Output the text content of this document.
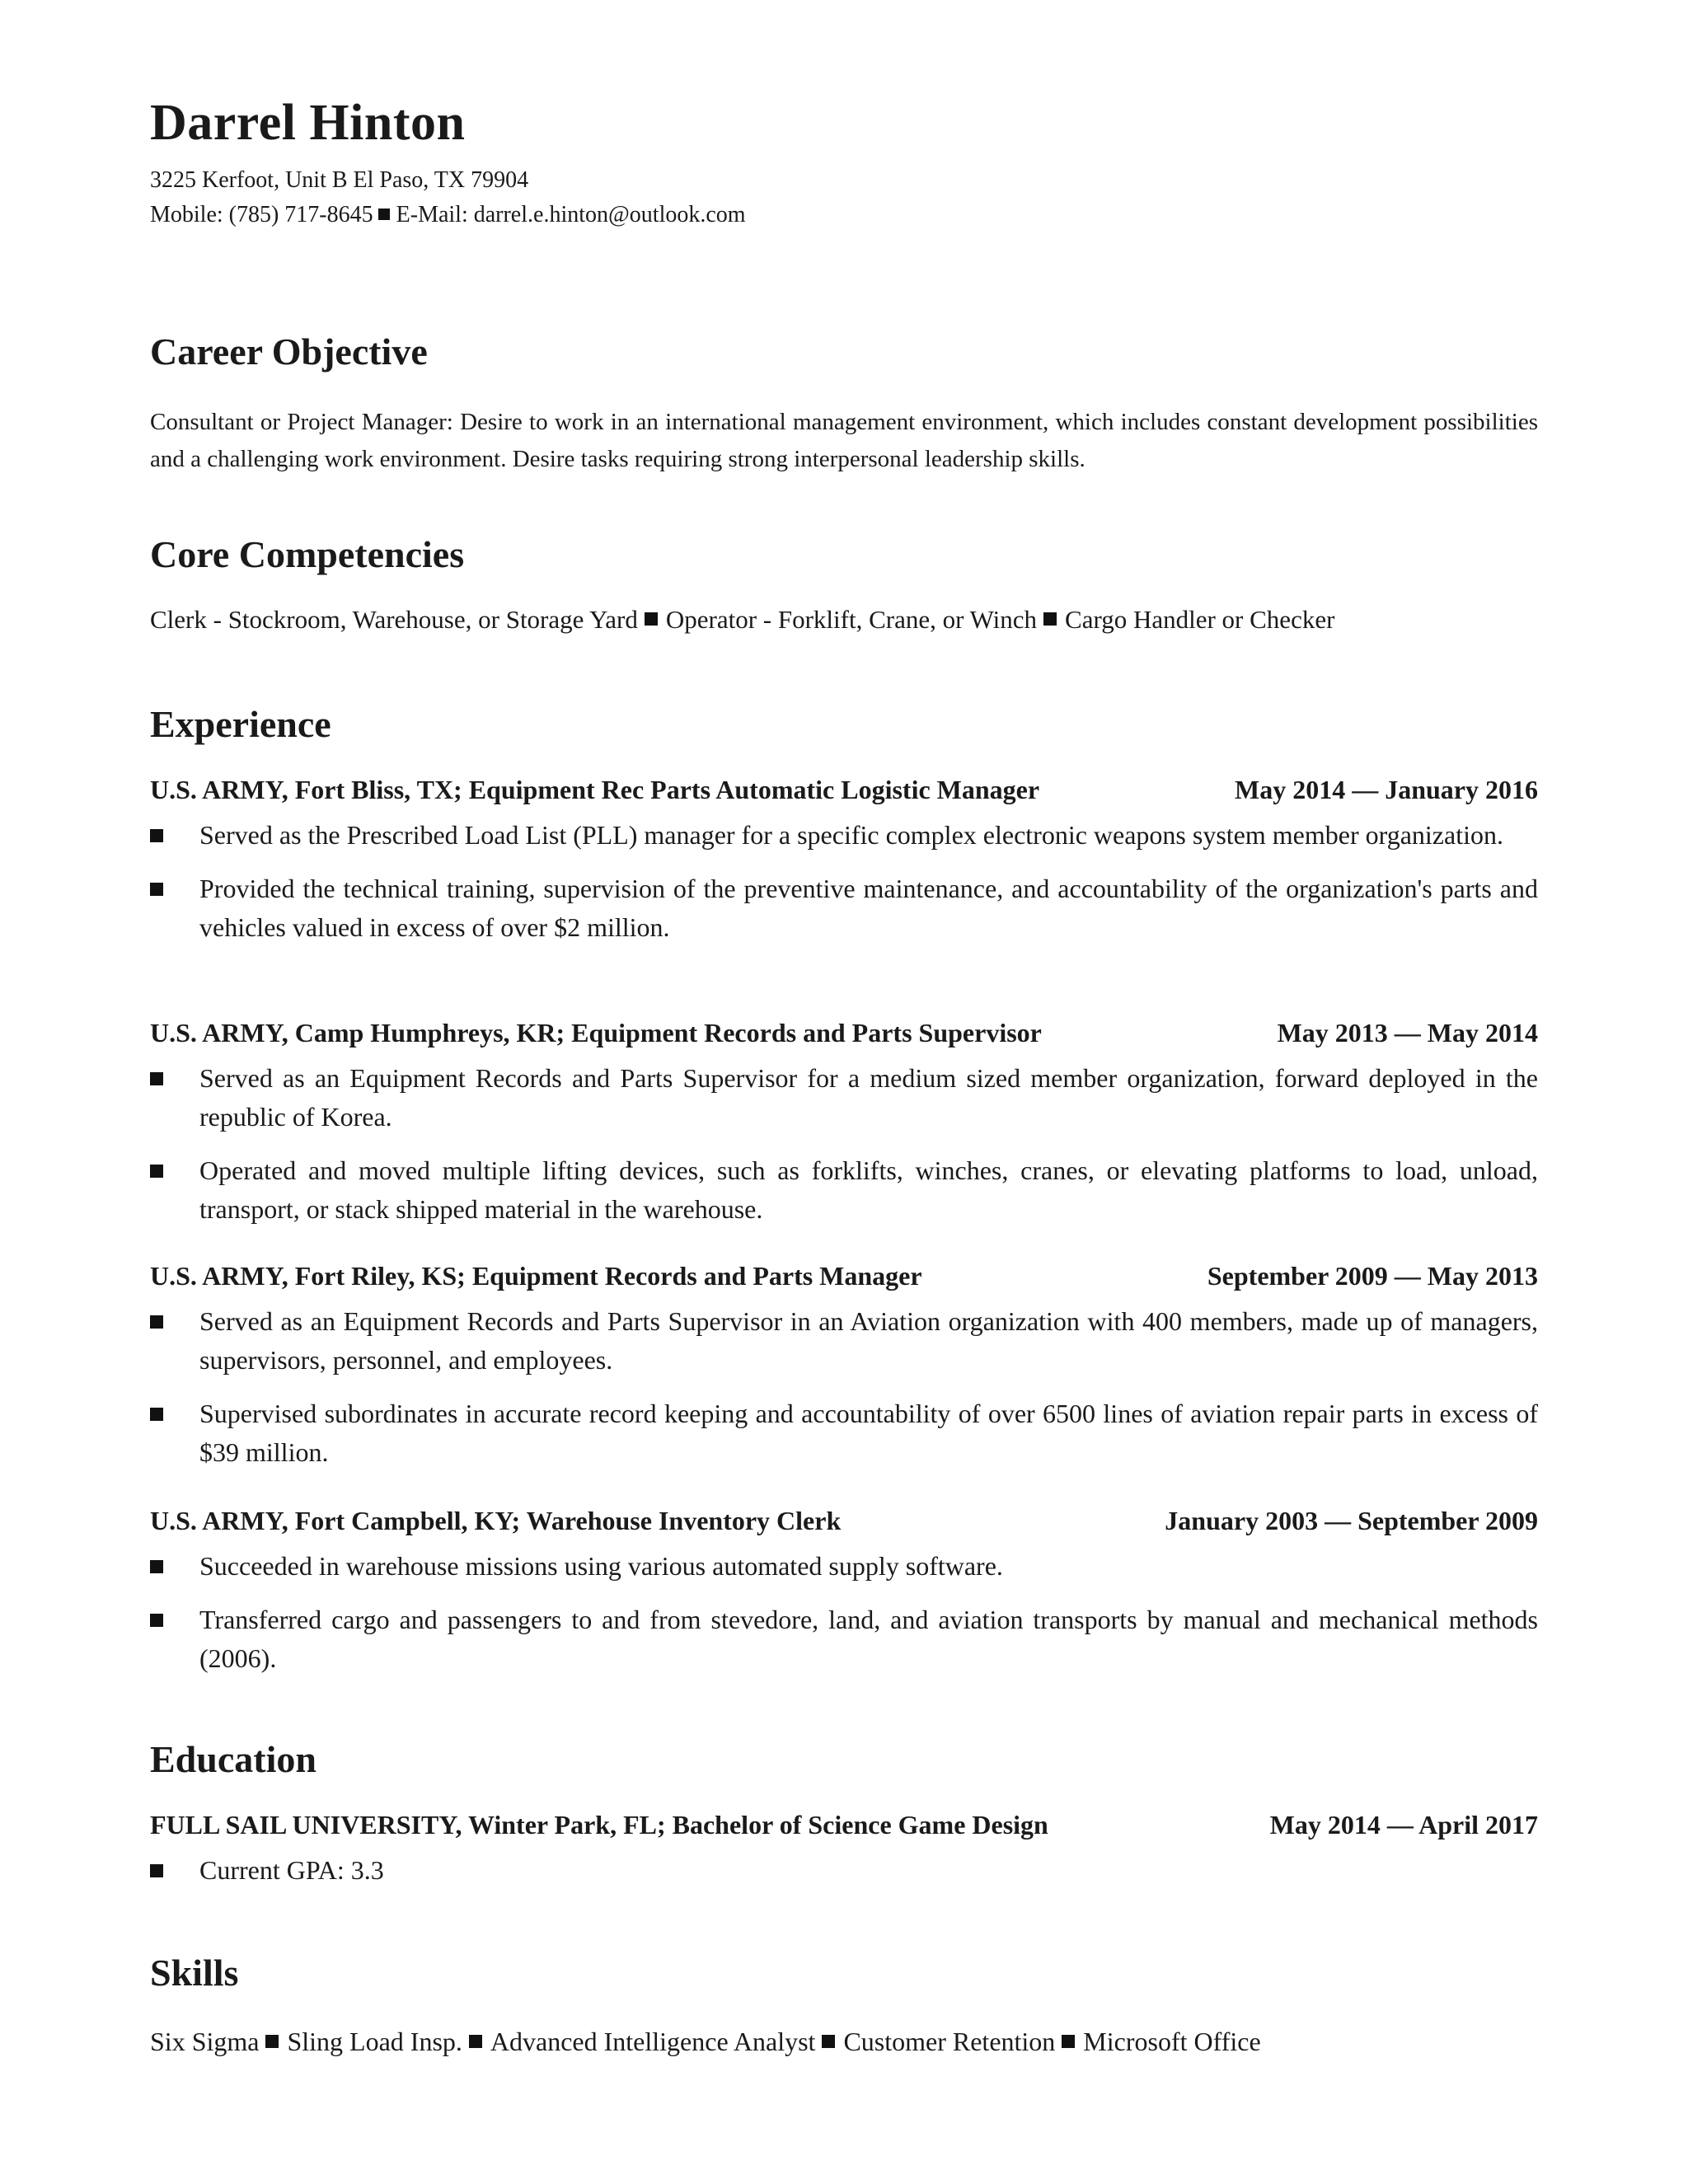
Darrel Hinton
3225 Kerfoot, Unit B El Paso, TX 79904
Mobile: (785) 717-8645 E-Mail: darrel.e.hinton@outlook.com
Career Objective
Consultant or Project Manager: Desire to work in an international management environment, which includes constant development possibilities and a challenging work environment. Desire tasks requiring strong interpersonal leadership skills.
Core Competencies
Clerk - Stockroom, Warehouse, or Storage Yard Operator - Forklift, Crane, or Winch Cargo Handler or Checker
Experience
U.S. ARMY, Fort Bliss, TX; Equipment Rec Parts Automatic Logistic Manager	May 2014 — January 2016
Served as the Prescribed Load List (PLL) manager for a specific complex electronic weapons system member organization.
Provided the technical training, supervision of the preventive maintenance, and accountability of the organization's parts and vehicles valued in excess of over $2 million.
U.S. ARMY, Camp Humphreys, KR; Equipment Records and Parts Supervisor	May 2013 — May 2014
Served as an Equipment Records and Parts Supervisor for a medium sized member organization, forward deployed in the republic of Korea.
Operated and moved multiple lifting devices, such as forklifts, winches, cranes, or elevating platforms to load, unload, transport, or stack shipped material in the warehouse.
U.S. ARMY, Fort Riley, KS; Equipment Records and Parts Manager	September 2009 — May 2013
Served as an Equipment Records and Parts Supervisor in an Aviation organization with 400 members, made up of managers, supervisors, personnel, and employees.
Supervised subordinates in accurate record keeping and accountability of over 6500 lines of aviation repair parts in excess of $39 million.
U.S. ARMY, Fort Campbell, KY; Warehouse Inventory Clerk	January 2003 — September 2009
Succeeded in warehouse missions using various automated supply software.
Transferred cargo and passengers to and from stevedore, land, and aviation transports by manual and mechanical methods (2006).
Education
FULL SAIL UNIVERSITY, Winter Park, FL; Bachelor of Science Game Design	May 2014 — April 2017
Current GPA: 3.3
Skills
Six Sigma Sling Load Insp. Advanced Intelligence Analyst Customer Retention Microsoft Office
